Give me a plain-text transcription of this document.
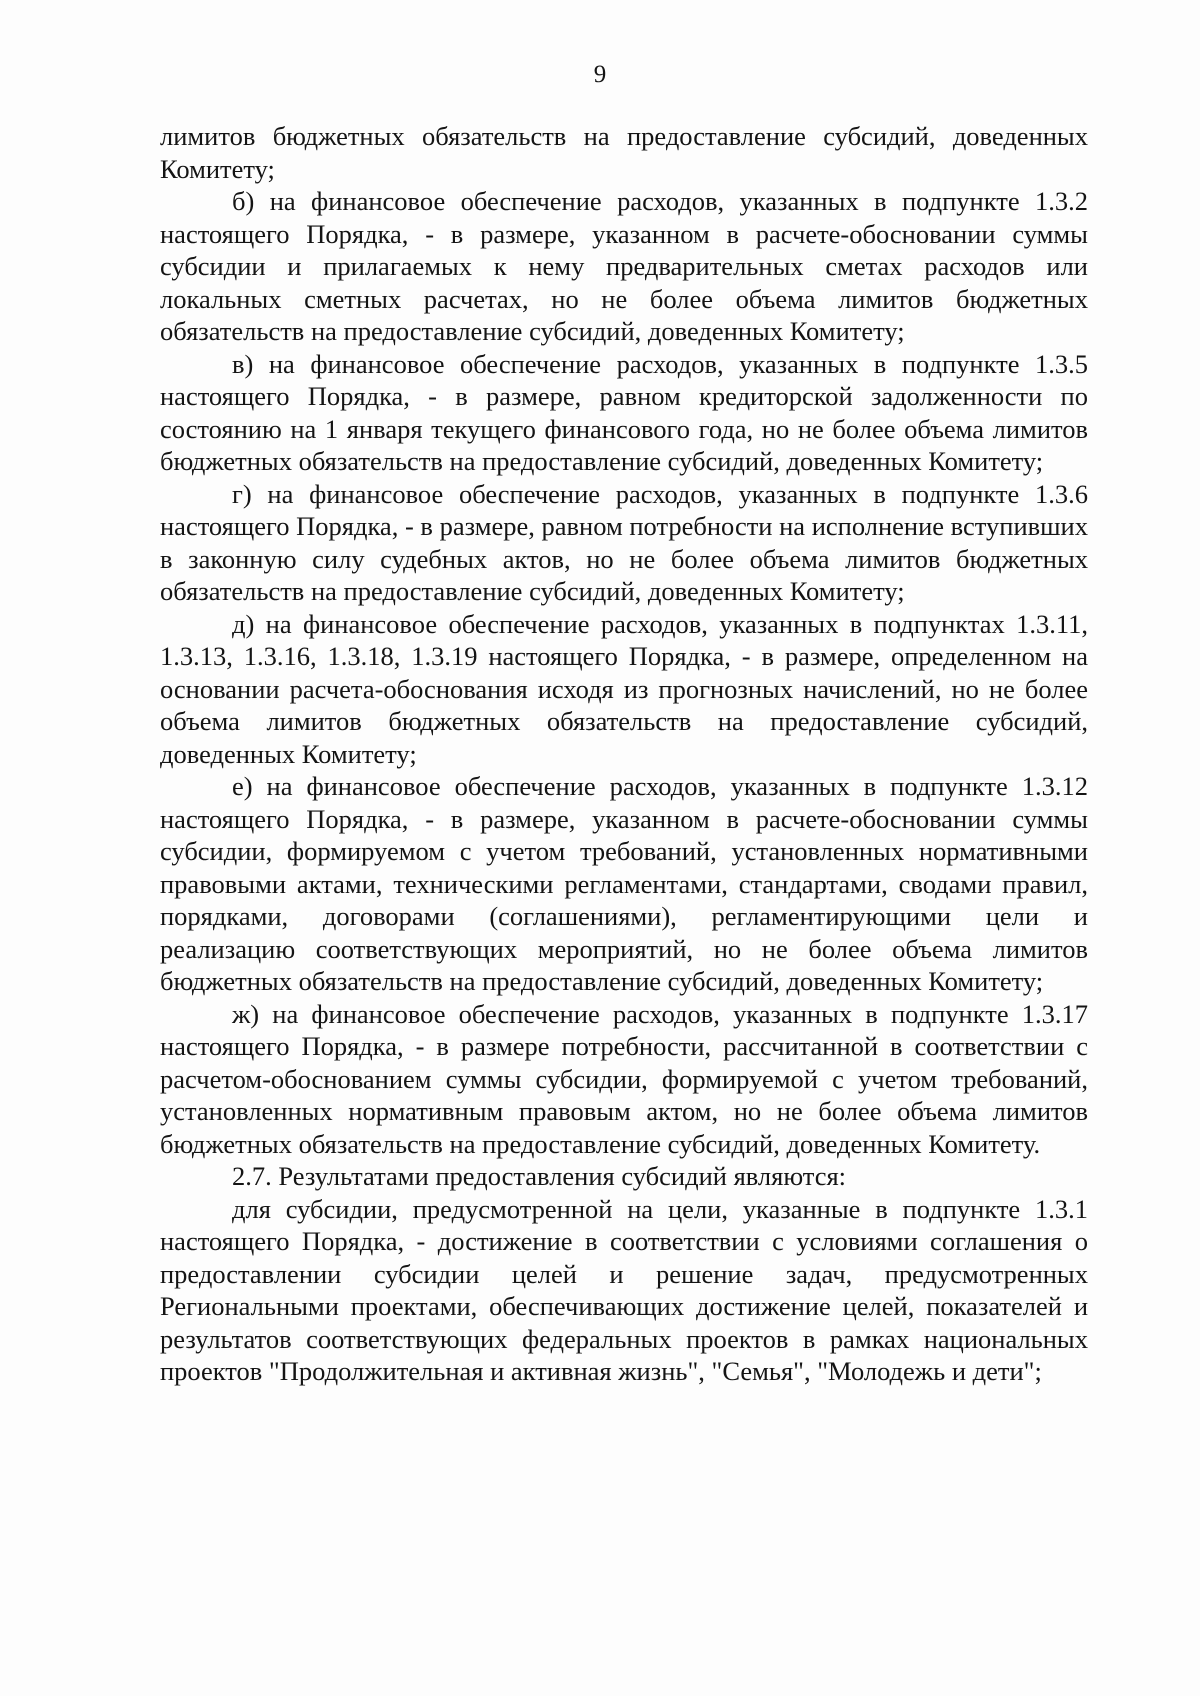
9

лимитов бюджетных обязательств на предоставление субсидий, доведенных Комитету;

б) на финансовое обеспечение расходов, указанных в подпункте 1.3.2 настоящего Порядка, - в размере, указанном в расчете-обосновании суммы субсидии и прилагаемых к нему предварительных сметах расходов или локальных сметных расчетах, но не более объема лимитов бюджетных обязательств на предоставление субсидий, доведенных Комитету;

в) на финансовое обеспечение расходов, указанных в подпункте 1.3.5 настоящего Порядка, - в размере, равном кредиторской задолженности по состоянию на 1 января текущего финансового года, но не более объема лимитов бюджетных обязательств на предоставление субсидий, доведенных Комитету;

г) на финансовое обеспечение расходов, указанных в подпункте 1.3.6 настоящего Порядка, - в размере, равном потребности на исполнение вступивших в законную силу судебных актов, но не более объема лимитов бюджетных обязательств на предоставление субсидий, доведенных Комитету;

д) на финансовое обеспечение расходов, указанных в подпунктах 1.3.11, 1.3.13, 1.3.16, 1.3.18, 1.3.19 настоящего Порядка, - в размере, определенном на основании расчета-обоснования исходя из прогнозных начислений, но не более объема лимитов бюджетных обязательств на предоставление субсидий, доведенных Комитету;

е) на финансовое обеспечение расходов, указанных в подпункте 1.3.12 настоящего Порядка, - в размере, указанном в расчете-обосновании суммы субсидии, формируемом с учетом требований, установленных нормативными правовыми актами, техническими регламентами, стандартами, сводами правил, порядками, договорами (соглашениями), регламентирующими цели и реализацию соответствующих мероприятий, но не более объема лимитов бюджетных обязательств на предоставление субсидий, доведенных Комитету;

ж) на финансовое обеспечение расходов, указанных в подпункте 1.3.17 настоящего Порядка, - в размере потребности, рассчитанной в соответствии с расчетом-обоснованием суммы субсидии, формируемой с учетом требований, установленных нормативным правовым актом, но не более объема лимитов бюджетных обязательств на предоставление субсидий, доведенных Комитету.

2.7. Результатами предоставления субсидий являются:

для субсидии, предусмотренной на цели, указанные в подпункте 1.3.1 настоящего Порядка, - достижение в соответствии с условиями соглашения о предоставлении субсидии целей и решение задач, предусмотренных Региональными проектами, обеспечивающих достижение целей, показателей и результатов соответствующих федеральных проектов в рамках национальных проектов "Продолжительная и активная жизнь", "Семья", "Молодежь и дети";
